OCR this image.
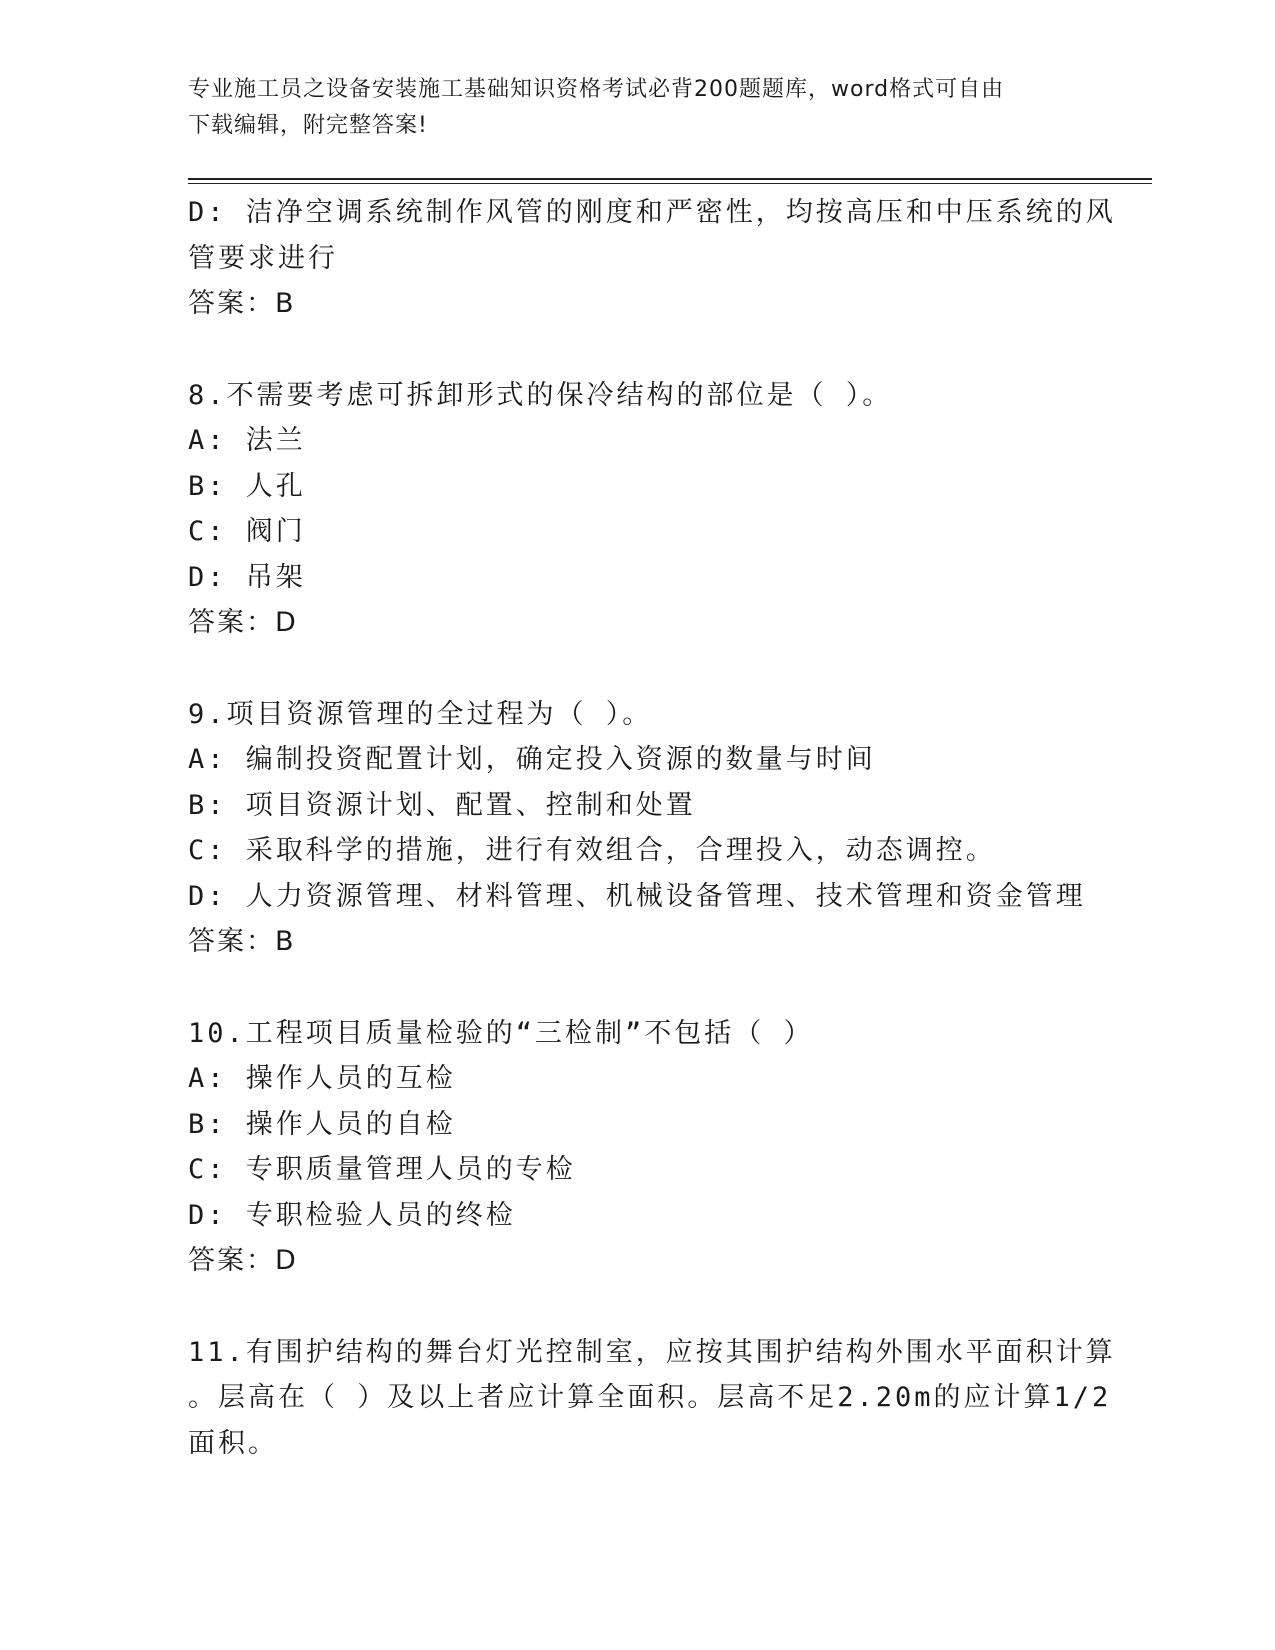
专业施工员之设备安装施工基础知识资格考试必背200题题库，word格式可自由
下载编辑，附完整答案!
D: 洁净空调系统制作风管的刚度和严密性，均按高压和中压系统的风
管要求进行
答案：B
8.不需要考虑可拆卸形式的保冷结构的部位是（ ）。
A: 法兰
B: 人孔
C: 阀门
D: 吊架
答案：D
9.项目资源管理的全过程为（ ）。
A: 编制投资配置计划，确定投入资源的数量与时间
B: 项目资源计划、配置、控制和处置
C: 采取科学的措施，进行有效组合，合理投入，动态调控。
D: 人力资源管理、材料管理、机械设备管理、技术管理和资金管理
答案：B
10.工程项目质量检验的“三检制”不包括（ ）
A: 操作人员的互检
B: 操作人员的自检
C: 专职质量管理人员的专检
D: 专职检验人员的终检
答案：D
11.有围护结构的舞台灯光控制室，应按其围护结构外围水平面积计算
。层高在（ ）及以上者应计算全面积。层高不足2.20m的应计算1/2
面积。
